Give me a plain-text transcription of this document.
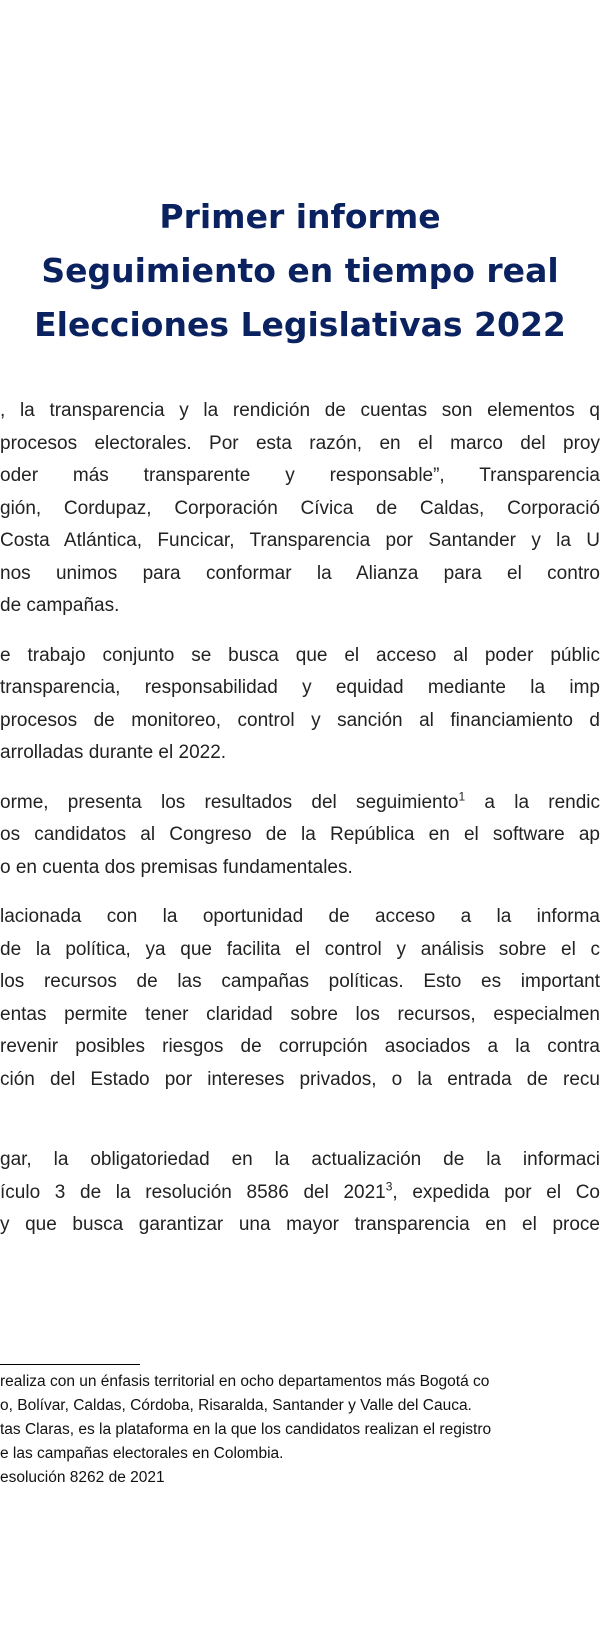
Primer informe
Seguimiento en tiempo real
Elecciones Legislativas 2022
, la transparencia y la rendición de cuentas son elementos q
procesos electorales. Por esta razón, en el marco del proy
oder más transparente y responsable”, Transparencia
gión, Cordupaz, Corporación Cívica de Caldas, Corporació
Costa Atlántica, Funcicar, Transparencia por Santander y la U
nos unimos para conformar la Alianza para el contro
de campañas.
e trabajo conjunto se busca que el acceso al poder públic
transparencia, responsabilidad y equidad mediante la imp
procesos de monitoreo, control y sanción al financiamiento d
arrolladas durante el 2022.
orme, presenta los resultados del seguimiento$^1$ a la rendic
os candidatos al Congreso de la República en el software ap
o en cuenta dos premisas fundamentales.
lacionada con la oportunidad de acceso a la informa
de la política, ya que facilita el control y análisis sobre el c
los recursos de las campañas políticas. Esto es important
entas permite tener claridad sobre los recursos, especialmen
revenir posibles riesgos de corrupción asociados a la contra
ción del Estado por intereses privados, o la entrada de recu
gar, la obligatoriedad en la actualización de la informaci
ículo 3 de la resolución 8586 del 2021$^3$, expedida por el Co
y que busca garantizar una mayor transparencia en el proce
realiza con un énfasis territorial en ocho departamentos más Bogotá co
o, Bolívar, Caldas, Córdoba, Risaralda, Santander y Valle del Cauca.
tas Claras, es la plataforma en la que los candidatos realizan el registro
e las campañas electorales en Colombia.
esolución 8262 de 2021
